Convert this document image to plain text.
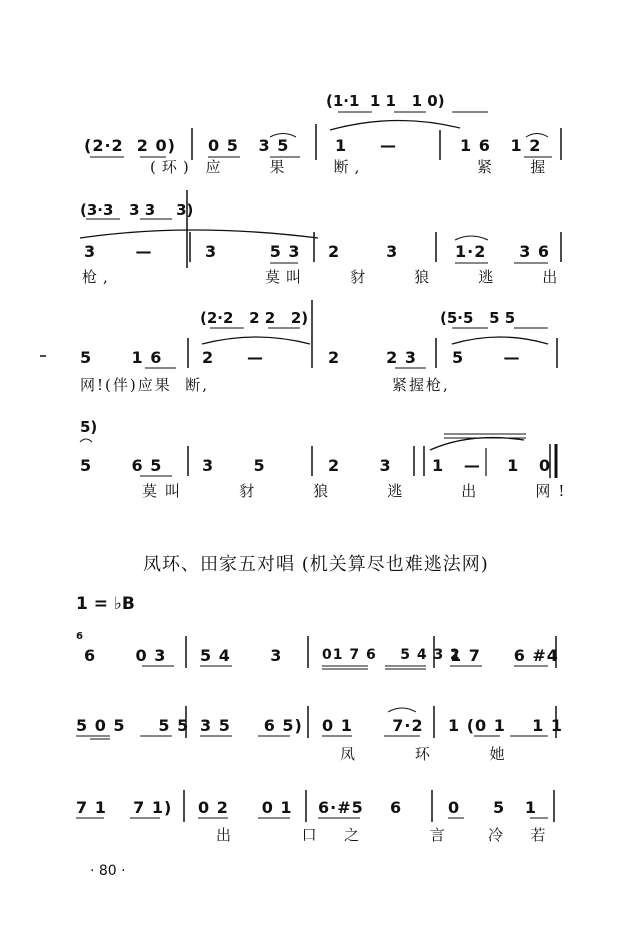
(1·1  1 1   1 0)
(2·2  2 0) 0 5   3 5	1     —	1 6   1 2
(环) 应    果    断,	紧   握
(3·3   3 3    3)
3      —	3        5 3 2       3	1·2     3 6
枪,	莫叫    豺    狼    逃    出
(2·2   2 2   2)	(5·5   5 5
5      1 6 2     —	2       2 3 5      —
网!(伴)应果  断,	紧握枪,
5)
5      6 5 3      5	2      3	1   —    1   0
莫叫    豺    狼    逃    出    网!
凤环、田家五对唱 (机关算尽也难逃法网)
1 = ♭B
6
6      0 3 5 4      3	01 7 6    5 4 3 2
1 7     6 #4
5 0 5     5 5 3 5     6 5) 0 1      7·2 1 (0 1    1 1
凤     环     她
7 1    7 1) 0 2     0 1 6·#5    6	0     5   1
出      口  之      言 冷  若
· 80 ·
